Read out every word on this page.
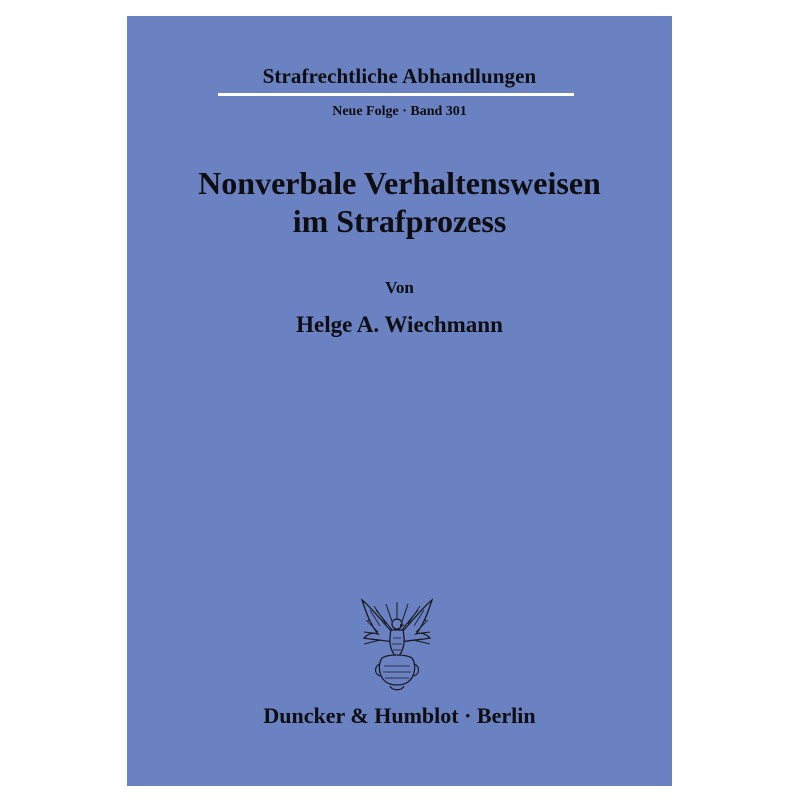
Strafrechtliche Abhandlungen
Neue Folge · Band 301
Nonverbale Verhaltensweisen
im Strafprozess
Von
Helge A. Wiechmann
Duncker & Humblot · Berlin
